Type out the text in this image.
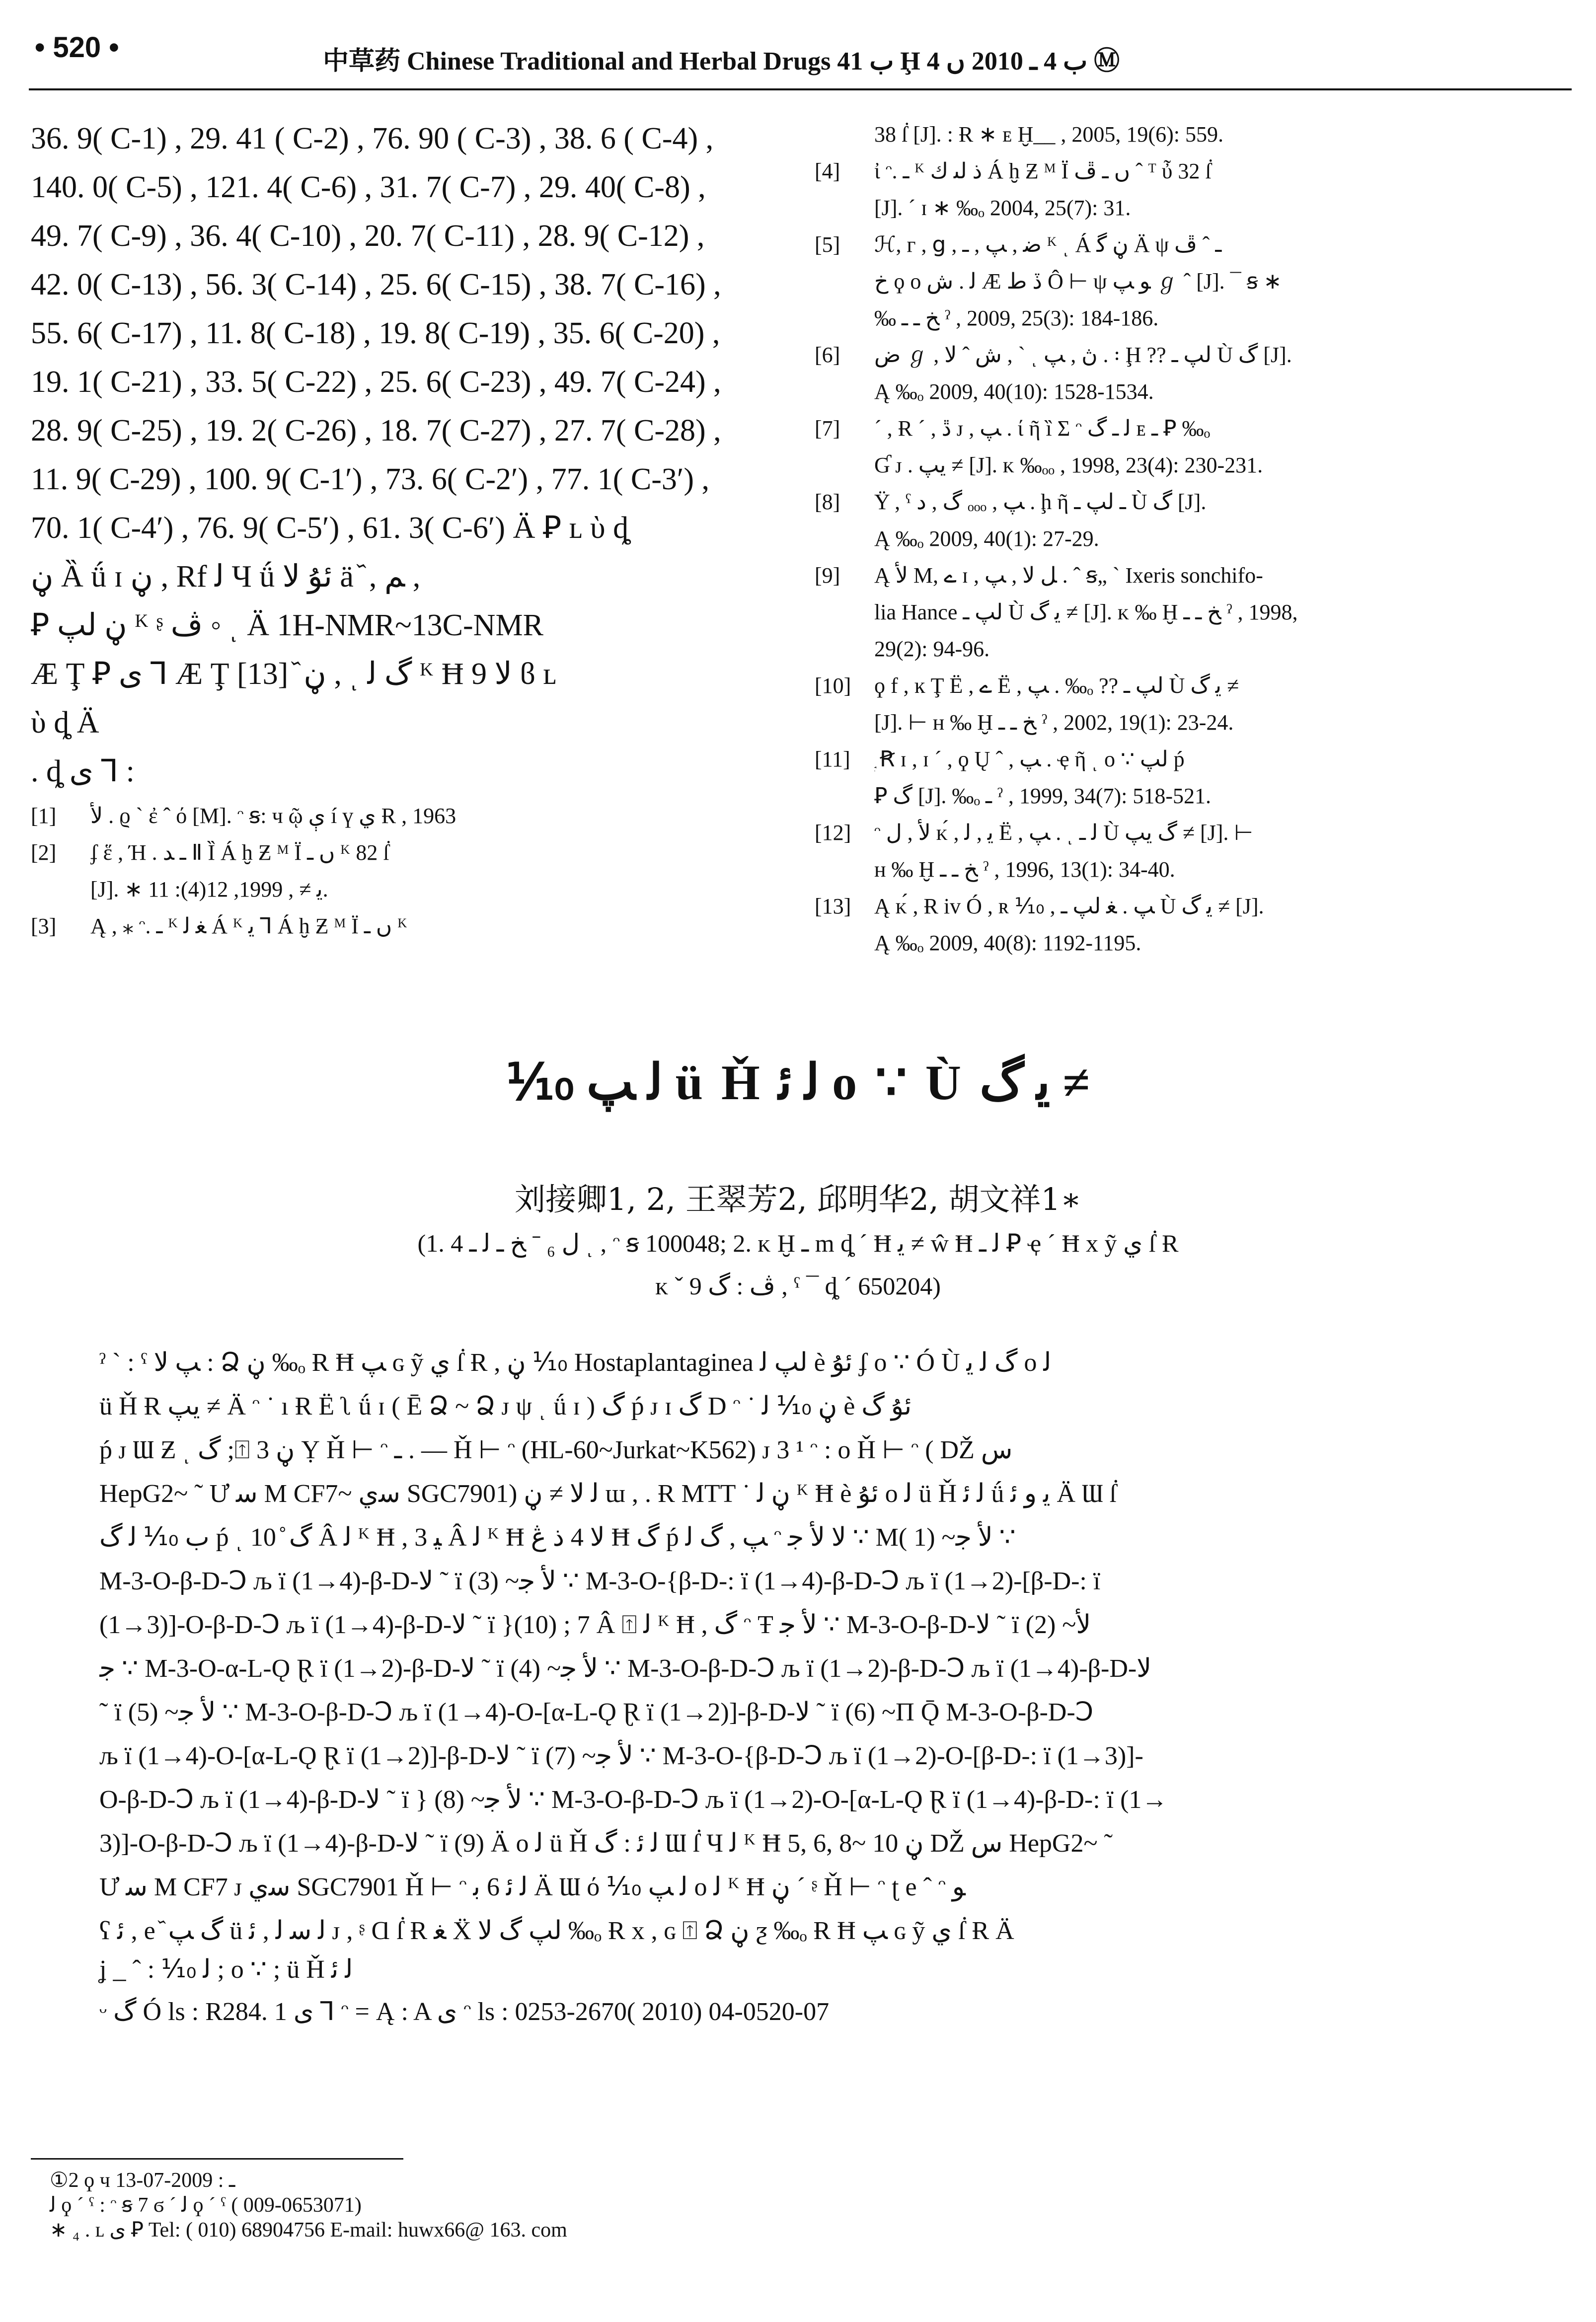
• 520 •	中草药 Chinese Traditional and Herbal Drugs ب 41 Ḩ ب 4 ـ 2010 ں 4 Ⓜ

36. 9( C-1) , 29. 41 ( C-2) , 76. 90 ( C-3) , 38. 6 ( C-4) ,

140. 0( C-5) , 121. 4( C-6) , 31. 7( C-7) , 29. 40( C-8) ,

49. 7( C-9) , 36. 4( C-10) , 20. 7( C-11) , 28. 9( C-12) ,

42. 0( C-13) , 56. 3( C-14) , 25. 6( C-15) , 38. 7( C-16) ,

55. 6( C-17) , 11. 8( C-18) , 19. 8( C-19) , 35. 6( C-20) ,

19. 1( C-21) , 33. 5( C-22) , 25. 6( C-23) , 49. 7( C-24) ,

28. 9( C-25) , 19. 2( C-26) , 18. 7( C-27) , 27. 7( C-28) ,

11. 9( C-29) , 100. 9( C-1′) , 73. 6( C-2′) , 77. 1( C-3′) ,

70. 1( C-4′) , 76. 9( C-5′) , 61. 3( C-6′) Ä Ꝑ ʟ ὺ ȡ

ڼ Ȁ ǘ ɪ ڼ , Rf ﻟ Ч ǘ ﺋﯘ ﻻ ä ᷈ , ﻢ ,

Ꝑ ڼ ﻟﭗ ᴷ ᶳ ڤ ◦ ͺ Ä 1H-NMR~13C-NMR

Æ Ţ Ꝑ ى Ꞁ Æ Ţ ڼ ᷈ [13] , ͺ ﮒ ﻟ ᴷ Ħ 9 ﻻ ϐ ʟ

ὺ ȡ Ä

. ȡ ى Ꞁ :

[1]	ﻷ . ϱ ˋ ἐ ˆ ό [M]. ᵔ ꞩ: ч ῷ ې í ү ي Ɍ , 1963
[2]	ʄ ἕ , Ή . ـ ﺪ Ⅱ Ȉ Á ḫ Ƶ ᴹ Ï ں ـ ᴷ 82 ẛ
[J]. ∗ ﻳ ≠ , 1999, 12(4): 11.
[3]	Ą , ⁎ ᵔ. ـ ᴷ ﻐ ﻟ Á ᴷ ﻳ Ꞁ Á ḫ Ƶ ᴹ Ï ں ـ ᴷ
38 ẛ [J]. : Ɍ ∗ ᴇ Ḫ__ , 2005, 19(6): 559.
[4]	ἰ ᵔ. ـ ᴷ ﺫ ﻟﯩ ﻙ Á ḫ Ƶ ᴹ Ï ں ـ ڦ ˆ ᵀ ὖ 32 ẛ
[J]. ˊ ɪ ∗ ‰ₒ 2004, 25(7): 31.
[5]	ℋ, ᴦ , ց , ﺿ , ﭗ , ـ ᴷ ͺ Á ڼ ﮔ Ä ψ ـ ˆ ڦ
ﺥ ϙ ο ﻟ . ﺵ Æ ڏ ﻁ Ô ⊢ ψ ﻮ ﭗ ℊ ˆ [J]. ¯ ꞩ ∗
‰ ﺦ ـ ـ ˀ , 2009, 25(3): 184-186.
[6]	ﺽ ℊ , ﺵ ˆ ﻻ , ˋ ͺ ڽ , ﭗ . ꞉ Ḩ ?? ﻟﭗ ـ Ù ﮒ [J].
Ą ‰ₒ 2009, 40(10): 1528-1534.
[7]	ˊ , Ɍ ˊ , ڐ ᴊ , ﭗ . ί ῆ ȉ Σ ᵔ ﻟ ـ ﮒ ᴇ ـ Ꝑ ‰ₒ
Ɠ ᴊ . ﻳﭗ ≠ [J]. ᴋ ‰ₒₒ , 1998, 23(4): 230-231.
[8]	Ϋ , ˁ ﮒ , ﺩ ₒₒₒ , ﭗ . ḩ ῆ ـ ﻟﭗ ـ Ù ﮒ [J].
Ą ‰ₒ 2009, 40(1): 27-29.
[9]	Ą ﻷ M, ے ɪ , ﻞ ﻻ , ﭗ . ˆ ꞩ„ ˋ Ixeris sonchifo-
lia Hance ﻟﭗ ـ Ù ﻳ ﮒ ≠ [J]. ᴋ ‰ Ḫ ﺦ ـ ـ ˀ , 1998,
29(2): 94-96.
[10]	ϙ f , ĸ Ţ Ë , ے Ë , ﭗ . ‰ₒ ?? ﻟﭗ ـ Ù ﻳ ﮒ ≠
[J]. ⊢ ʜ ‰ Ḫ ﺦ ـ ـ ˀ , 2002, 19(1): 23-24.
[11]	᷊ Ꞧ ɪ , ɪ ˊ , ϙ Ų ˆ , ﭗ . ҿ ῆ ͺ ο ∵ ﻟﭗ ṕ
Ꝑ ﮒ [J]. ‰ₒ ـ ˀ , 1999, 34(7): 518-521.
[12]	ᵔ ﻷ , ﻝ ᴋ́ , ﯾ , ﻟ Ë , ﭗ . ͺ ﻟ ـ Ù ﮒ ﻳﭗ ≠ [J]. ⊢
ʜ ‰ Ḫ ﺦ ـ ـ ˀ , 1996, 13(1): 34-40.
[13]	Ą ᴋ́ , Ɍ iv Ó , ʀ ⅒ , ﭗ . ﻐ ﻟﭗ ـ Ù ﻳ ﮒ ≠ [J].
Ą ‰ₒ 2009, 40(8): 1192-1195.
⅒ ﻟ ﭗ ü Ȟ ﻟ ﺋ ο ∵ Ù ﻳ ﮒ ≠
刘接卿1, 2, 王翠芳2, 邱明华2, 胡文祥1∗
(1. 4 ﻝ ₆ ˉ ﺦ ـ ﻟ ـ ͺ , ᵔ ꞩ 100048; 2. ᴋ Ḫ ـ m ȡ ˊ Ħ ﻳ ≠ ŵ Ħ ﻟ ـ Ꝑ ҿ ˊ Ħ x ỹ ي ẛ Ɍ
ᴋ ˇ ڤ : ﮒ 9 , ˁ ¯ ȡ ˊ 650204)
ˀ ˋ : ˁ ﭗ ﻻ : Ձ ڼ ‰ₒ Ɍ Ħ ﭗ ɢ ỹ ي ẛ Ɍ , ڼ ⅒ Hostaplantaginea ﻟﭗ ﻟ è ﺋﯘ ʄ ο ∵ Ó Ù ﮒ ﻟ ﻳ ο ﻟ
ü Ȟ Ɍ ﻳﭗ ≠ Ä ᵔ ˙ ı Ɍ Ë ʅ ǘ ɪ ( Ē Ձ ~ Ձ ᴊ ψ ͺ ǘ ɪ ) ﮒ ṕ ᴊ ɪ ﮒ D ᵔ ˙ ڼ ⅒ ﻟ è ﺋﯘ ﮒ
ṕ ᴊ Ɯ Ƶ ͺ ﮒ ;⍐ 3 ڼ Ỵ Ȟ ⊢ ᵔ ـ . — Ȟ ⊢ ᵔ (HL-60~Jurkat~K562) ᴊ 3 ¹ ᵔ : ο Ȟ ⊢ ᵔ ( Ǆ ﺱ
HepG2~ ˜ Ư ﺳ M CF7~ ﺳﻱ SGC7901) ﻟ ﻻ ≠ ڼ ɯ , . Ɍ MTT ˙ ڼ ﻟ ᴷ Ħ è ﺋﯘ ο ﻟ ü Ȟ ﻟ ﺋ ǘ ﻳ ﻭ ﺋ Ä Ɯ ẛ
ﺏ ⅒ ﻟ ﮒ ṕ ͺ ﮒ ̊ 10 Â ﻟ ᴷ Ħ , ﯿ 3 Â ﻟ ᴷ Ħ ﻻ 4 ﺫ ڠ Ħ ﮒ ṕ ﭗ , ﮒ ﻟ ᵔ ﻻ ﻷ ﺟ ∵ M( 1) ~ﻷ ﺟ ∵
M-3-O-β-D-Ↄ љ ï (1→4)-β-D-ﻻ ˜ ï (3) ~ﻷ ﺟ ∵ M-3-O-{β-D-: ï (1→4)-β-D-Ↄ љ ï (1→2)-[β-D-: ï
(1→3)]-O-β-D-Ↄ љ ï (1→4)-β-D-ﻻ ˜ ï }(10) ; 7 Â ⍐ ﻟ ᴷ Ħ , ﮒ ᵔ Ŧ ﻷ ﺟ ∵ M-3-O-β-D-ﻻ ˜ ï (2) ~ﻷ
ﺟ ∵ M-3-O-α-L-Ǫ Ɽ ï (1→2)-β-D-ﻻ ˜ ï (4) ~ﻷ ﺟ ∵ M-3-O-β-D-Ↄ љ ï (1→2)-β-D-Ↄ љ ï (1→4)-β-D-ﻻ
˜ ï (5) ~ﻷ ﺟ ∵ M-3-O-β-D-Ↄ љ ï (1→4)-O-[α-L-Ǫ Ɽ ï (1→2)]-β-D-ﻻ ˜ ï (6) ~Π Ǭ M-3-O-β-D-Ↄ
љ ï (1→4)-O-[α-L-Ǫ Ɽ ï (1→2)]-β-D-ﻻ ˜ ï (7) ~ﻷ ﺟ ∵ M-3-O-{β-D-Ↄ љ ï (1→2)-O-[β-D-: ï (1→3)]-
O-β-D-Ↄ љ ï (1→4)-β-D-ﻻ ˜ ï } (8) ~ﻷ ﺟ ∵ M-3-O-β-D-Ↄ љ ï (1→2)-O-[α-L-Ǫ Ɽ ï (1→4)-β-D-: ï (1→
3)]-O-β-D-Ↄ љ ï (1→4)-β-D-ﻻ ˜ ï (9) Ä ο ﻟ ü Ȟ ﻟ ﺋ : ﮒ Ɯ ẛ Ч ﻟ ᴷ Ħ 5, 6, 8~ 10 ڼ Ǆ ﺱ HepG2~ ˜
Ư ﺳ M CF7 ᴊ ﺳﻱ SGC7901 Ȟ ⊢ ᵔ ﻟ ﺋ 6 ﺑ Ä Ɯ ό ⅒ ﻟ ﭗ ο ﻟ ᴷ Ħ ڼ ˊ ᶳ Ȟ ⊢ ᵔ ʈ e ˆ ᵔ ﻮ
ʕ ﺋ , e ᷈ ﮒ ﭗ ü ﻟ ﺳ ﻟ , ﺋ ᴊ , ᶳ Ɑ ẛ Ɍ ﻐ Ẍ ﻟﭗ ﮒ ﻻ ‰ₒ Ɍ x , ɢ ⍐ Ձ ڼ ƺ ‰ₒ Ɍ Ħ ﭗ ɢ ỹ ي ẛ Ɍ Ä
ʝ _ ˆ : ⅒ ﻟ ; ο ∵ ; ü Ȟ ﻟ ﺋ
ᵕ ﮒ Ó ls : R284. 1 ى Ꞁ ᵔ = Ą : A ى ᵔ ls : 0253-2670( 2010) 04-0520-07
①2 ϙ ч ـ : 2009-07-13
ﻟ ϙ ˊ ˁ : ᵔ ꞩ 7 ϭ ˊ ﻟ ϙ ˊ ˁ ( 009-0653071)
∗ ₄ . ʟ ى Ꝑ Tel: ( 010) 68904756 E-mail: huwx66@ 163. com
